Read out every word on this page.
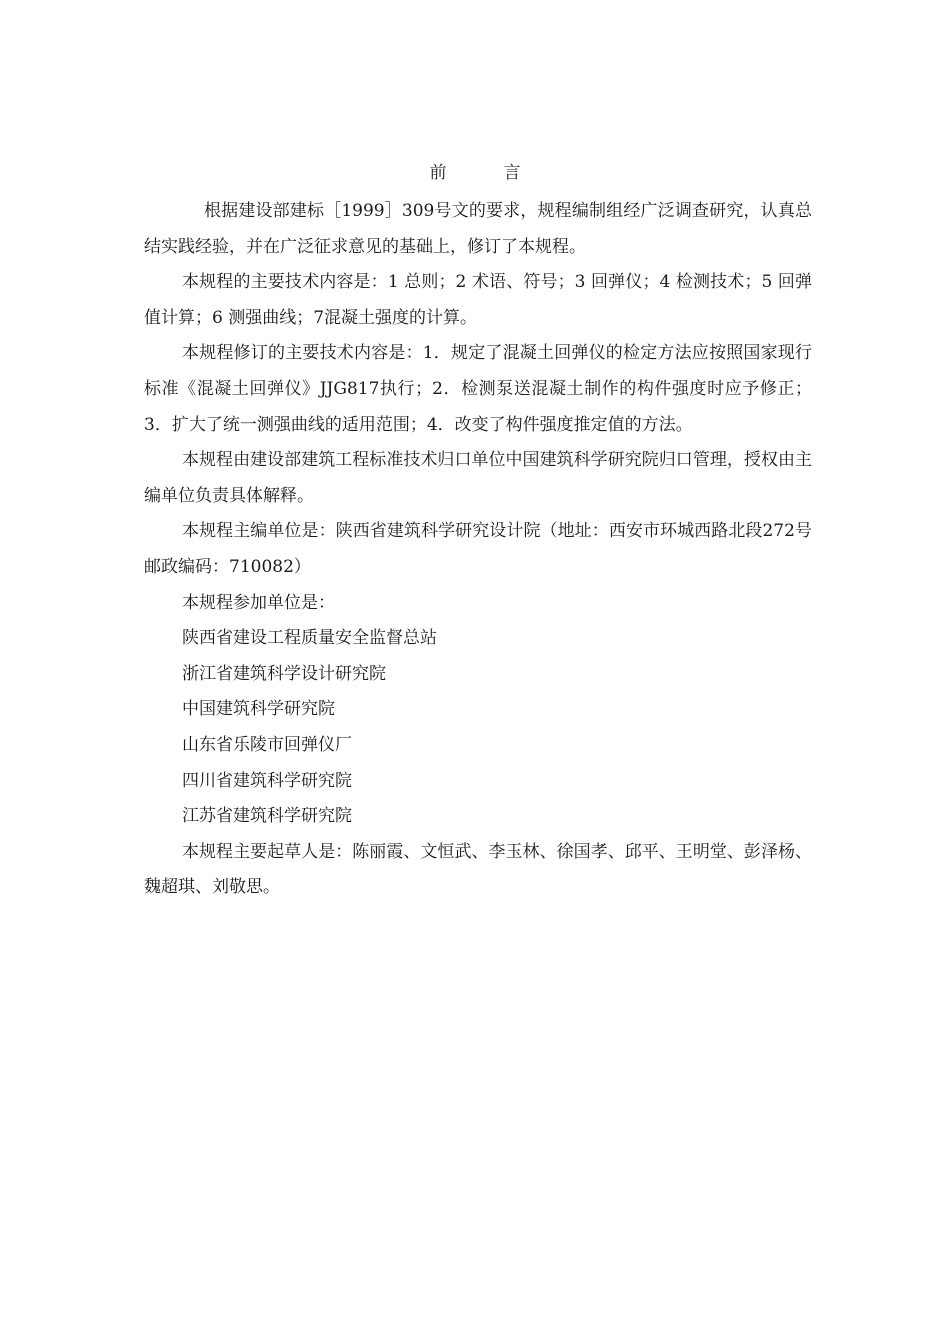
前　言

根据建设部建标［1999］309号文的要求，规程编制组经广泛调查研究，认真总结实践经验，并在广泛征求意见的基础上，修订了本规程。

本规程的主要技术内容是：1 总则；2 术语、符号；3 回弹仪；4 检测技术；5 回弹值计算；6 测强曲线；7混凝土强度的计算。

本规程修订的主要技术内容是：1．规定了混凝土回弹仪的检定方法应按照国家现行标准《混凝土回弹仪》JJG817执行；2．检测泵送混凝土制作的构件强度时应予修正；3．扩大了统一测强曲线的适用范围；4．改变了构件强度推定值的方法。

本规程由建设部建筑工程标准技术归口单位中国建筑科学研究院归口管理，授权由主编单位负责具体解释。

本规程主编单位是：陕西省建筑科学研究设计院（地址：西安市环城西路北段272号 邮政编码：710082）

本规程参加单位是：

陕西省建设工程质量安全监督总站
浙江省建筑科学设计研究院
中国建筑科学研究院
山东省乐陵市回弹仪厂
四川省建筑科学研究院
江苏省建筑科学研究院

本规程主要起草人是：陈丽霞、文恒武、李玉林、徐国孝、邱平、王明堂、彭泽杨、魏超琪、刘敬思。
